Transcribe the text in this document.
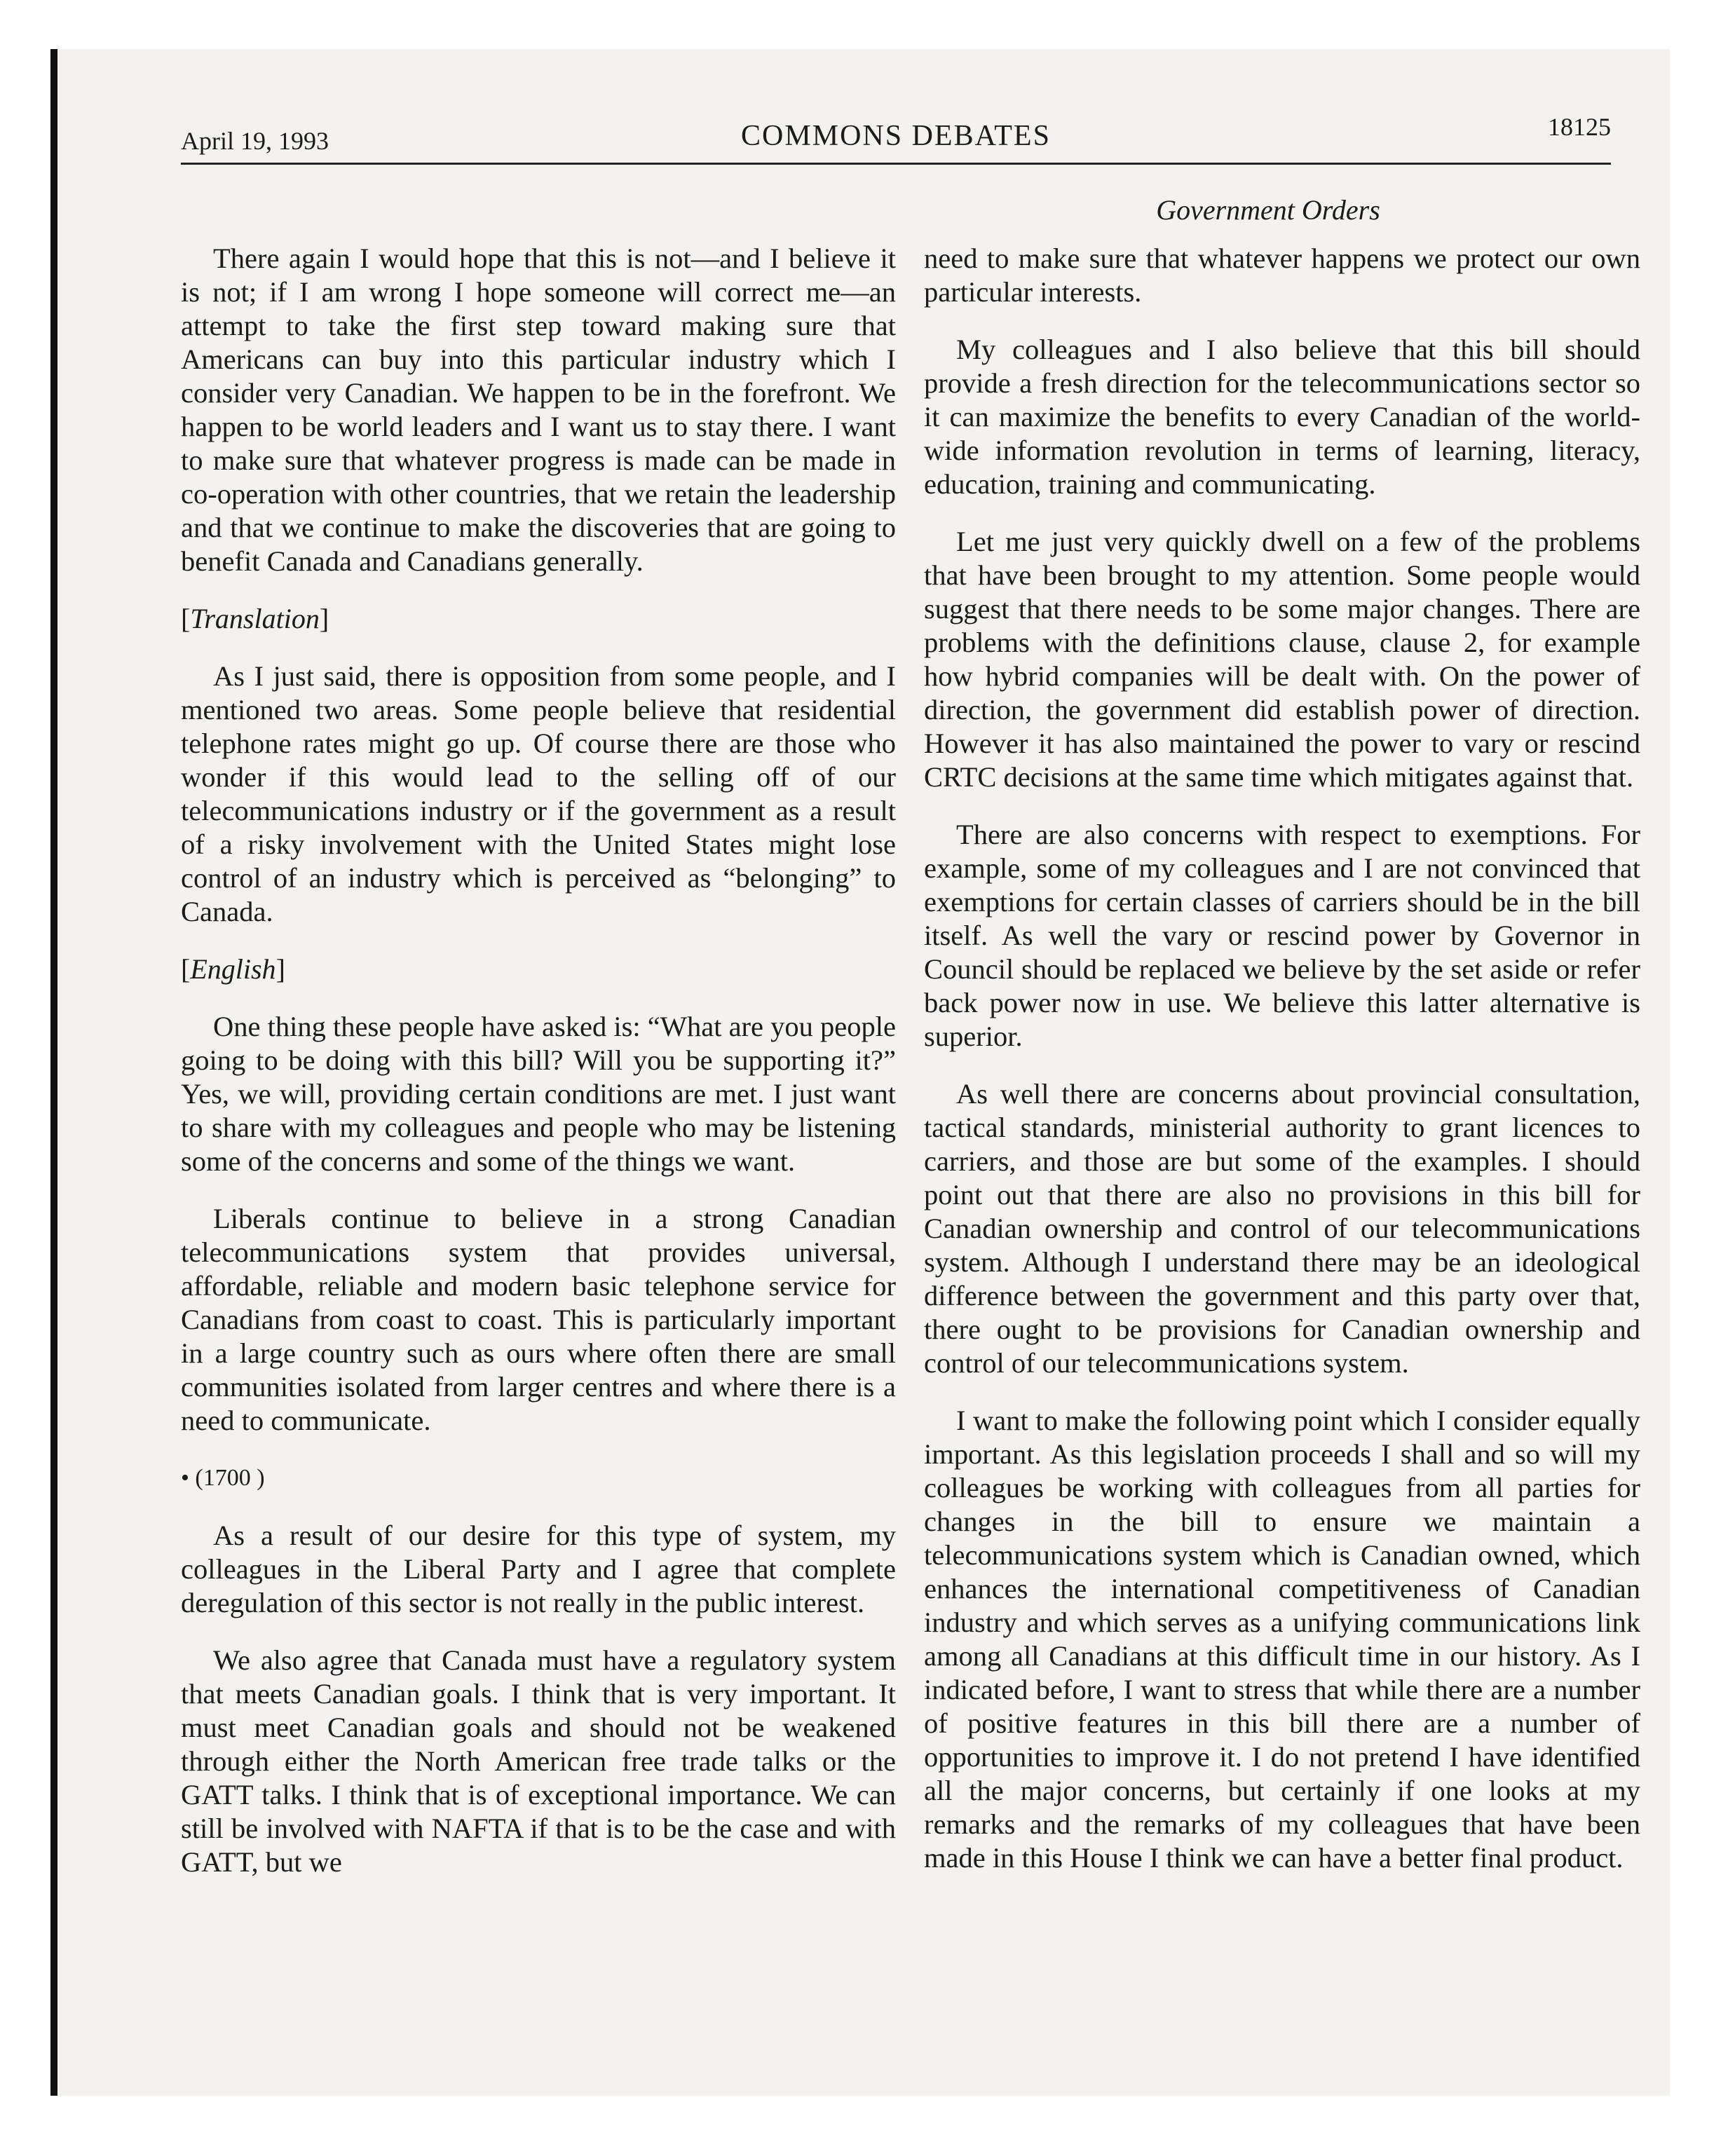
April 19, 1993	COMMONS DEBATES	18125
Government Orders

There again I would hope that this is not—and I believe it is not; if I am wrong I hope someone will correct me—an attempt to take the first step toward making sure that Americans can buy into this particular industry which I consider very Canadian. We happen to be in the forefront. We happen to be world leaders and I want us to stay there. I want to make sure that whatever progress is made can be made in co-operation with other countries, that we retain the leadership and that we continue to make the discoveries that are going to benefit Canada and Canadians generally.

[Translation]

As I just said, there is opposition from some people, and I mentioned two areas. Some people believe that residential telephone rates might go up. Of course there are those who wonder if this would lead to the selling off of our telecommunications industry or if the government as a result of a risky involvement with the United States might lose control of an industry which is perceived as “belonging” to Canada.

[English]

One thing these people have asked is: “What are you people going to be doing with this bill? Will you be supporting it?” Yes, we will, providing certain conditions are met. I just want to share with my colleagues and people who may be listening some of the concerns and some of the things we want.

Liberals continue to believe in a strong Canadian telecommunications system that provides universal, affordable, reliable and modern basic telephone service for Canadians from coast to coast. This is particularly important in a large country such as ours where often there are small communities isolated from larger centres and where there is a need to communicate.

• (1700 )

As a result of our desire for this type of system, my colleagues in the Liberal Party and I agree that complete deregulation of this sector is not really in the public interest.

We also agree that Canada must have a regulatory system that meets Canadian goals. I think that is very important. It must meet Canadian goals and should not be weakened through either the North American free trade talks or the GATT talks. I think that is of exceptional importance. We can still be involved with NAFTA if that is to be the case and with GATT, but we

need to make sure that whatever happens we protect our own particular interests.

My colleagues and I also believe that this bill should provide a fresh direction for the telecommunications sector so it can maximize the benefits to every Canadian of the world-wide information revolution in terms of learning, literacy, education, training and communicating.

Let me just very quickly dwell on a few of the problems that have been brought to my attention. Some people would suggest that there needs to be some major changes. There are problems with the definitions clause, clause 2, for example how hybrid companies will be dealt with. On the power of direction, the government did establish power of direction. However it has also maintained the power to vary or rescind CRTC decisions at the same time which mitigates against that.

There are also concerns with respect to exemptions. For example, some of my colleagues and I are not convinced that exemptions for certain classes of carriers should be in the bill itself. As well the vary or rescind power by Governor in Council should be replaced we believe by the set aside or refer back power now in use. We believe this latter alternative is superior.

As well there are concerns about provincial consultation, tactical standards, ministerial authority to grant licences to carriers, and those are but some of the examples. I should point out that there are also no provisions in this bill for Canadian ownership and control of our telecommunications system. Although I understand there may be an ideological difference between the government and this party over that, there ought to be provisions for Canadian ownership and control of our telecommunications system.

I want to make the following point which I consider equally important. As this legislation proceeds I shall and so will my colleagues be working with colleagues from all parties for changes in the bill to ensure we maintain a telecommunications system which is Canadian owned, which enhances the international competitiveness of Canadian industry and which serves as a unifying communications link among all Canadians at this difficult time in our history. As I indicated before, I want to stress that while there are a number of positive features in this bill there are a number of opportunities to improve it. I do not pretend I have identified all the major concerns, but certainly if one looks at my remarks and the remarks of my colleagues that have been made in this House I think we can have a better final product.
